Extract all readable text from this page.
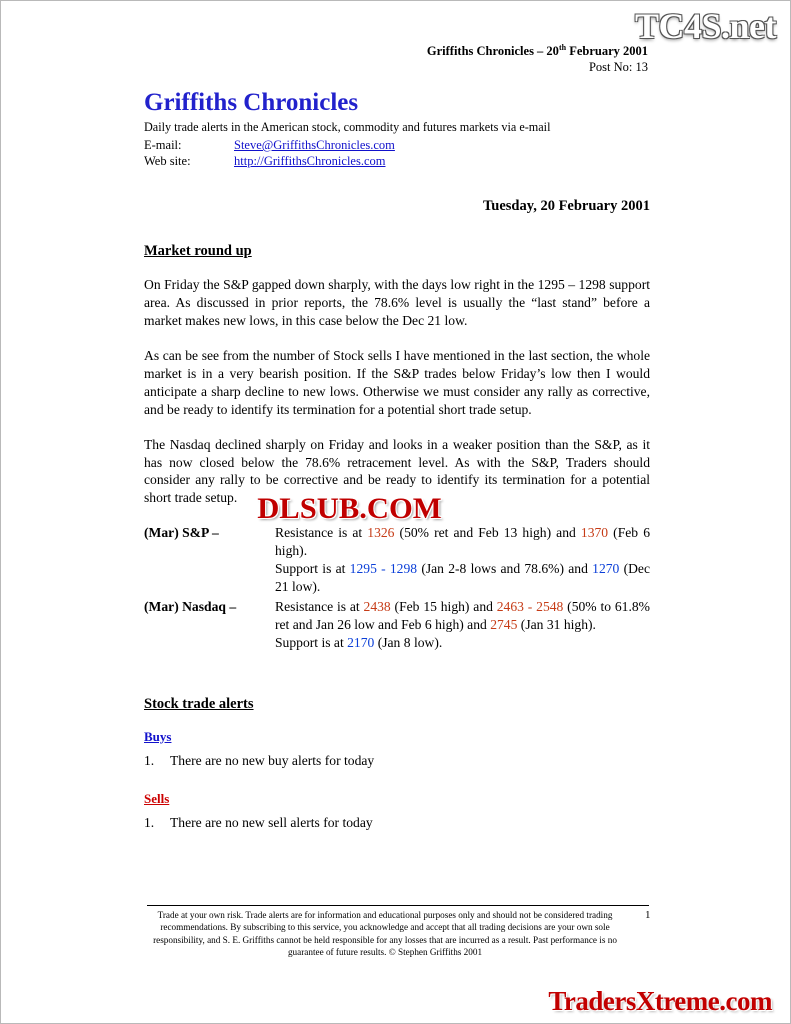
TC4S.net
Griffiths Chronicles – 20th February 2001
Post No: 13
Griffiths Chronicles
Daily trade alerts in the American stock, commodity and futures markets via e-mail
E-mail:	Steve@GriffithsChronicles.com
Web site:	http://GriffithsChronicles.com
Tuesday, 20 February 2001
Market round up

On Friday the S&P gapped down sharply, with the days low right in the 1295 – 1298 support area. As discussed in prior reports, the 78.6% level is usually the “last stand” before a market makes new lows, in this case below the Dec 21 low.

As can be see from the number of Stock sells I have mentioned in the last section, the whole market is in a very bearish position. If the S&P trades below Friday’s low then I would anticipate a sharp decline to new lows. Otherwise we must consider any rally as corrective, and be ready to identify its termination for a potential short trade setup.

The Nasdaq declined sharply on Friday and looks in a weaker position than the S&P, as it has now closed below the 78.6% retracement level. As with the S&P, Traders should consider any rally to be corrective and be ready to identify its termination for a potential short trade setup.

(Mar) S&P –	Resistance is at 1326 (50% ret and Feb 13 high) and 1370 (Feb 6 high).
Support is at 1295 - 1298 (Jan 2-8 lows and 78.6%) and 1270 (Dec 21 low).
(Mar) Nasdaq –	Resistance is at 2438 (Feb 15 high) and 2463 - 2548 (50% to 61.8% ret and Jan 26 low and Feb 6 high) and 2745 (Jan 31 high).
Support is at 2170 (Jan 8 low).
Stock trade alerts
Buys
1.	There are no new buy alerts for today
Sells
1.	There are no new sell alerts for today
DLSUB.COM
Trade at your own risk. Trade alerts are for information and educational purposes only and should not be considered trading recommendations. By subscribing to this service, you acknowledge and accept that all trading decisions are your own sole responsibility, and S. E. Griffiths cannot be held responsible for any losses that are incurred as a result. Past performance is no guarantee of future results. © Stephen Griffiths 2001
1
TradersXtreme.com
